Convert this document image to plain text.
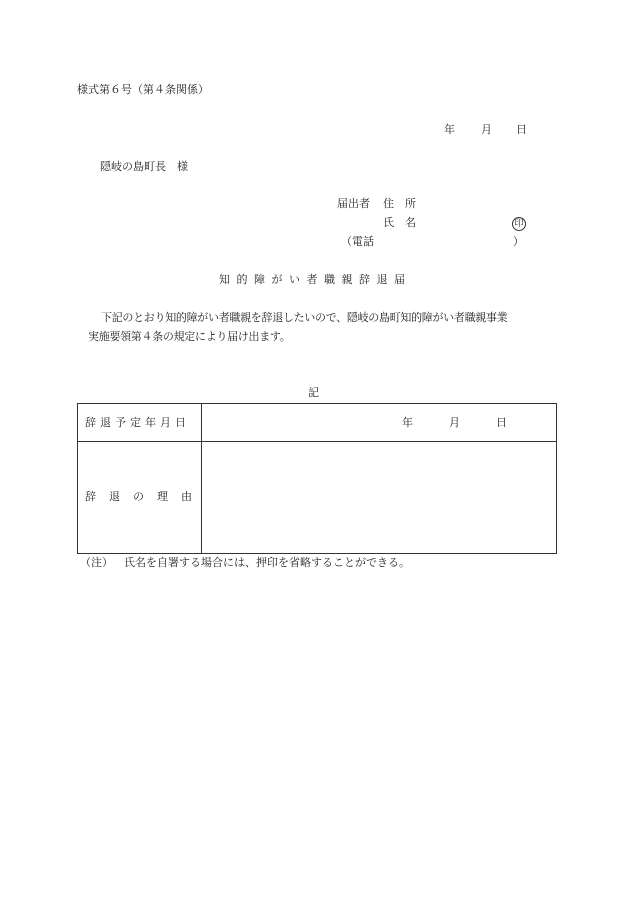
様式第６号（第４条関係）
年 月 日
隠岐の島町長　様
届出者 住　所
氏　名	印
（電話	）
知的障がい者職親辞退届
下記のとおり知的障がい者職親を辞退したいので、隠岐の島町知的障がい者職親事業
実施要領第４条の規定により届け出ます。
記
辞退予定年月日	年	月	日
辞　退　の　理　由
（注） 氏名を自署する場合には、押印を省略することができる。
